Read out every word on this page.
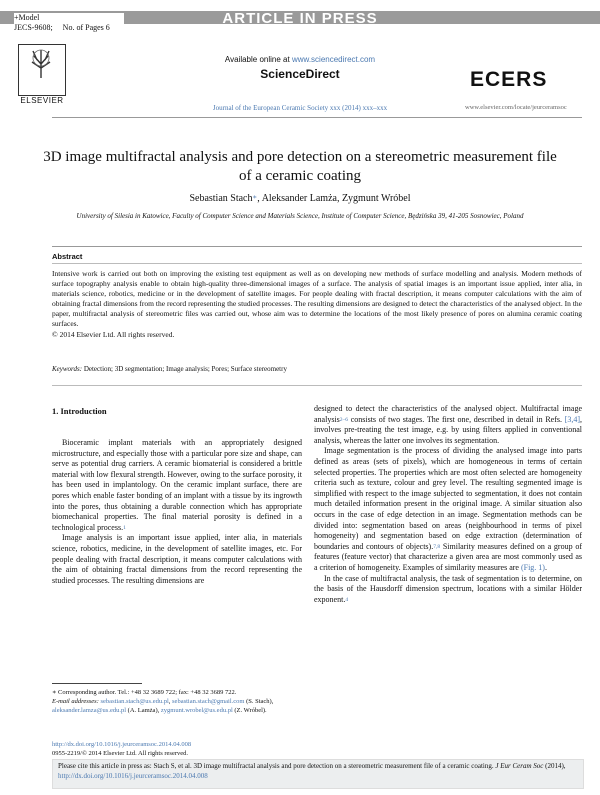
ARTICLE IN PRESS
+Model
JECS-9608; No. of Pages 6
ELSEVIER
Available online at www.sciencedirect.com
ScienceDirect
Journal of the European Ceramic Society xxx (2014) xxx–xxx
ECERS
www.elsevier.com/locate/jeurceramsoc
3D image multifractal analysis and pore detection on a stereometric measurement file of a ceramic coating
Sebastian Stach∗, Aleksander Lamża, Zygmunt Wróbel
University of Silesia in Katowice, Faculty of Computer Science and Materials Science, Institute of Computer Science, Będzińska 39, 41-205 Sosnowiec, Poland
Abstract

Intensive work is carried out both on improving the existing test equipment as well as on developing new methods of surface modelling and analysis. Modern methods of surface topography analysis enable to obtain high-quality three-dimensional images of a surface. The analysis of spatial images is an important issue applied, inter alia, in materials science, robotics, medicine or in the development of satellite images. For people dealing with fractal description, it means computer calculations with the aim of obtaining fractal dimensions from the record representing the studied processes. The resulting dimensions are designed to detect the characteristics of the analysed object. In the paper, multifractal analysis of stereometric files was carried out, whose aim was to determine the locations of the most likely presence of pores on alumina ceramic coating surfaces.

© 2014 Elsevier Ltd. All rights reserved.

Keywords: Detection; 3D segmentation; Image analysis; Pores; Surface stereometry
1. Introduction

Bioceramic implant materials with an appropriately designed microstructure, and especially those with a particular pore size and shape, can serve as potential drug carriers. A ceramic biomaterial is considered a brittle material with low flexural strength. However, owing to the surface porosity, it has been used in implantology. On the ceramic implant surface, there are pores which enable faster bonding of an implant with a tissue by its ingrowth into the pores, thus obtaining a durable connection which has appropriate biomechanical properties. The final material porosity is defined in a technological process.$^1$

Image analysis is an important issue applied, inter alia, in materials science, robotics, medicine, in the development of satellite images, etc. For people dealing with fractal description, it means computer calculations with the aim of obtaining fractal dimensions from the record representing the studied processes. The resulting dimensions are

designed to detect the characteristics of the analysed object. Multifractal image analysis$^{2-6}$ consists of two stages. The first one, described in detail in Refs. [3,4], involves pre-treating the test image, e.g. by using filters applied in conventional analysis, whereas the latter one involves its segmentation.

Image segmentation is the process of dividing the analysed image into parts defined as areas (sets of pixels), which are homogeneous in terms of certain selected properties. The properties which are most often selected are homogeneity criteria such as texture, colour and grey level. The resulting segmented image is simplified with respect to the image subjected to segmentation, it does not contain much detailed information present in the original image. A similar situation also occurs in the case of edge detection in an image. Segmentation methods can be divided into: segmentation based on areas (neighbourhood in terms of pixel homogeneity) and segmentation based on edge extraction (determination of boundaries and contours of objects).$^{7,8}$ Similarity measures defined on a group of features (feature vector) that characterize a given area are most commonly used as a criterion of homogeneity. Examples of similarity measures are (Fig. 1).

In the case of multifractal analysis, the task of segmentation is to determine, on the basis of the Hausdorff dimension spectrum, locations with a similar Hölder exponent.$^4$

∗ Corresponding author. Tel.: +48 32 3689 722; fax: +48 32 3689 722.
E-mail addresses: sebastian.stach@us.edu.pl, sebastian.stach@gmail.com (S. Stach), aleksander.lamza@us.edu.pl (A. Lamża), zygmunt.wrobel@us.edu.pl (Z. Wróbel).
http://dx.doi.org/10.1016/j.jeurceramsoc.2014.04.008
0955-2219/© 2014 Elsevier Ltd. All rights reserved.
Please cite this article in press as: Stach S, et al. 3D image multifractal analysis and pore detection on a stereometric measurement file of a ceramic coating. J Eur Ceram Soc (2014), http://dx.doi.org/10.1016/j.jeurceramsoc.2014.04.008
